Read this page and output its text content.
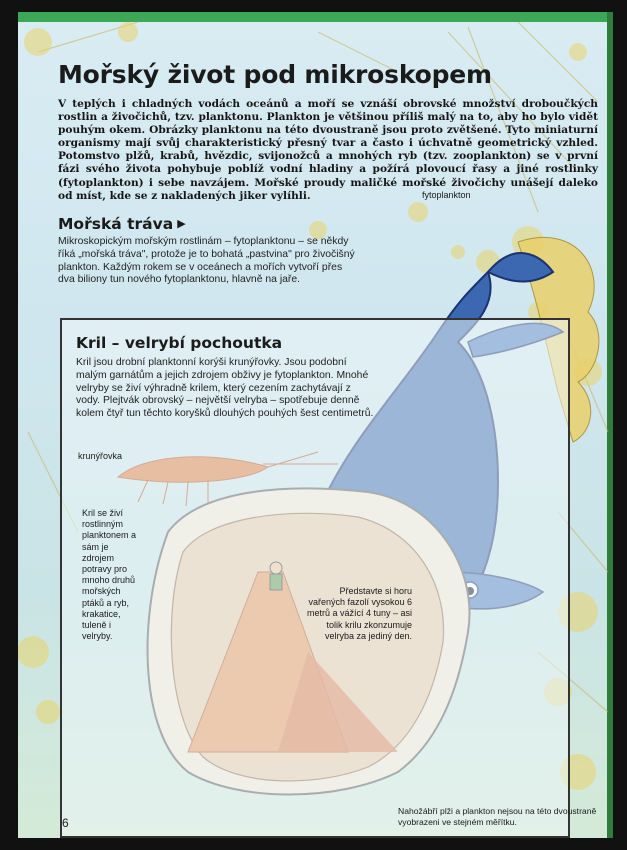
Mořský život pod mikroskopem
V teplých i chladných vodách oceánů a moří se vznáší obrovské množství droboučkých rostlin a živočichů, tzv. planktonu. Plankton je většinou příliš malý na to, aby ho bylo vidět pouhým okem. Obrázky planktonu na této dvoustraně jsou proto zvětšené. Tyto miniaturní organismy mají svůj charakteristický přesný tvar a často i úchvatně geometrický vzhled. Potomstvo plžů, krabů, hvězdic, svijonožců a mnohých ryb (tzv. zooplankton) se v první fázi svého života pohybuje poblíž vodní hladiny a požírá plovoucí řasy a jiné rostlinky (fytoplankton) i sebe navzájem. Mořské proudy maličké mořské živočichy unášejí daleko od míst, kde se z nakladených jiker vylíhli.	fytoplankton
Mořská tráva ▶
Mikroskopickým mořským rostlinám – fytoplanktonu – se někdy říká „mořská tráva", protože je to bohatá „pastvina" pro živočišný plankton. Každým rokem se v oceánech a mořích vytvoří přes dva biliony tun nového fytoplanktonu, hlavně na jaře.
Kril – velrybí pochoutka
Kril jsou drobní planktonní korýši krunýřovky. Jsou podobní malým garnátům a jejich zdrojem obživy je fytoplankton. Mnohé velryby se živí výhradně krilem, který cezením zachytávají z vody. Plejtvák obrovský – největší velryba – spotřebuje denně kolem čtyř tun těchto koryšků dlouhých pouhých šest centimetrů.
krunýřovka
Kril se živí rostlinným planktonem a sám je zdrojem potravy pro mnoho druhů mořských ptáků a ryb, krakatice, tuleně i velryby.
Představte si horu vařených fazolí vysokou 6 metrů a vážící 4 tuny – asi tolik krilu zkonzumuje velryba za jediný den.
Nahožábří plži a plankton nejsou na této dvoustraně vyobrazeni ve stejném měřítku.
6
